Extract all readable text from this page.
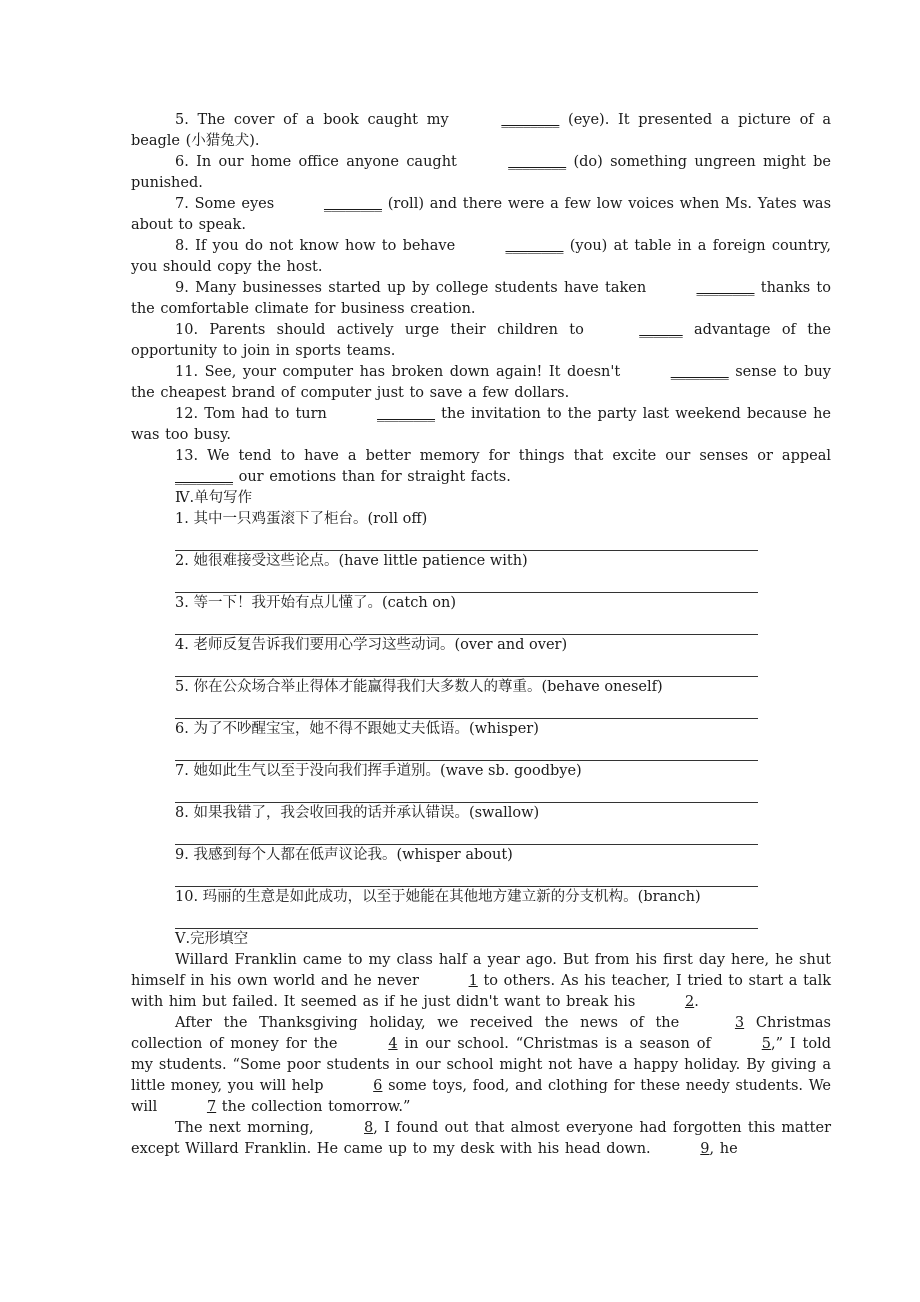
5. The cover of a book caught my	________ (eye). It presented a picture of a beagle (小猎兔犬).

6. In our home office anyone caught	________ (do) something ungreen might be punished.

7. Some eyes	________ (roll) and there were a few low voices when Ms. Yates was about to speak.

8. If you do not know how to behave	________ (you) at table in a foreign country, you should copy the host.

9. Many businesses started up by college students have taken	________ thanks to the comfortable climate for business creation.

10. Parents should actively urge their children to	______ advantage of the opportunity to join in sports teams.

11. See, your computer has broken down again! It doesn't	________ sense to buy the cheapest brand of computer just to save a few dollars.

12. Tom had to turn	________ the invitation to the party last weekend because he was too busy.

13. We tend to have a better memory for things that excite our senses or appeal ________ our emotions than for straight facts.

Ⅳ.单句写作

1. 其中一只鸡蛋滚下了柜台。(roll off)

2. 她很难接受这些论点。(have little patience with)

3. 等一下！我开始有点儿懂了。(catch on)

4. 老师反复告诉我们要用心学习这些动词。(over and over)

5. 你在公众场合举止得体才能赢得我们大多数人的尊重。(behave oneself)

6. 为了不吵醒宝宝，她不得不跟她丈夫低语。(whisper)

7. 她如此生气以至于没向我们挥手道别。(wave sb. goodbye)

8. 如果我错了，我会收回我的话并承认错误。(swallow)

9. 我感到每个人都在低声议论我。(whisper about)

10. 玛丽的生意是如此成功，以至于她能在其他地方建立新的分支机构。(branch)

Ⅴ.完形填空

Willard Franklin came to my class half a year ago. But from his first day here, he shut himself in his own world and he never	1 to others. As his teacher, I tried to start a talk with him but failed. It seemed as if he just didn't want to break his	2.

After the Thanksgiving holiday, we received the news of the	3 Christmas collection of money for the	4 in our school. “Christmas is a season of	5,” I told my students. “Some poor students in our school might not have a happy holiday. By giving a little money, you will help	6 some toys, food, and clothing for these needy students. We will	7 the collection tomorrow.”

The next morning,	8, I found out that almost everyone had forgotten this matter except Willard Franklin. He came up to my desk with his head down.	9, he
